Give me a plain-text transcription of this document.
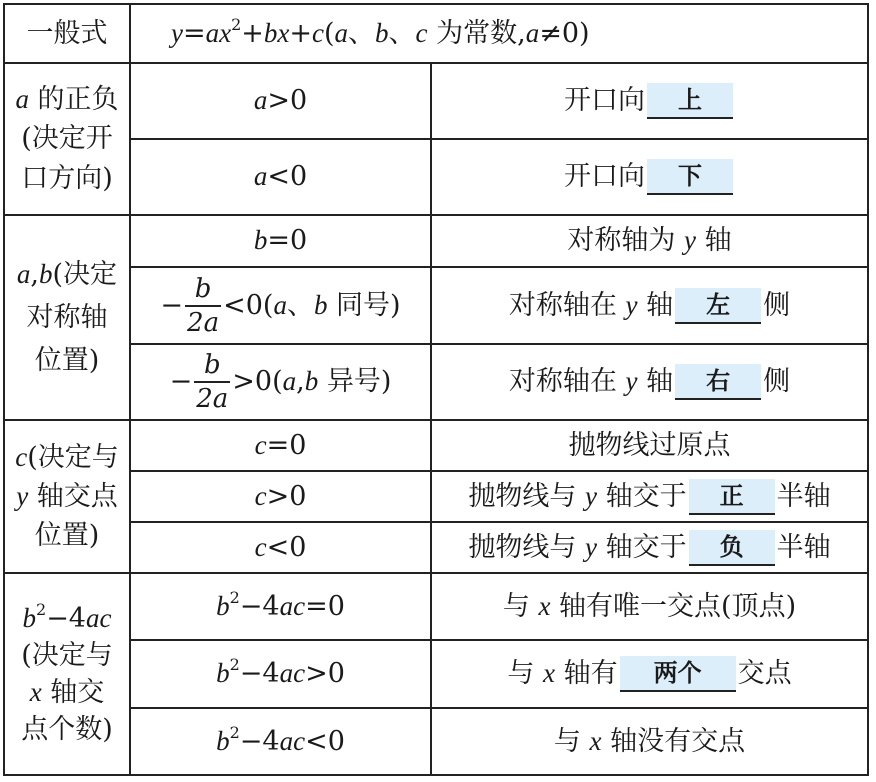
一般式	$y=ax^2+bx+c(a$、b、c 为常数,a≠0)
a 的正负
(决定开
口方向)
a>0	开口向	上
a<0	开口向	下
a,b(决定
对称轴
位置)
b=0	对称轴为 y 轴
− $\frac{b}{2a} <0(a$、b 同号)	对称轴在 y 轴	左	侧
− $\frac{b}{2a} >0(a,b$ 异号)	对称轴在 y 轴	右	侧
c(决定与
y 轴交点
位置)
c=0	抛物线过原点
c>0	抛物线与 y 轴交于	正	半轴
c<0	抛物线与 y 轴交于	负	半轴
$b^2-4ac$
(决定与
x 轴交
点个数)
$b^2-4ac=0$	与 x 轴有唯一交点(顶点)
$b^2-4ac>0$	与 x 轴有	两个	交点
$b^2-4ac<0$	与 x 轴没有交点
